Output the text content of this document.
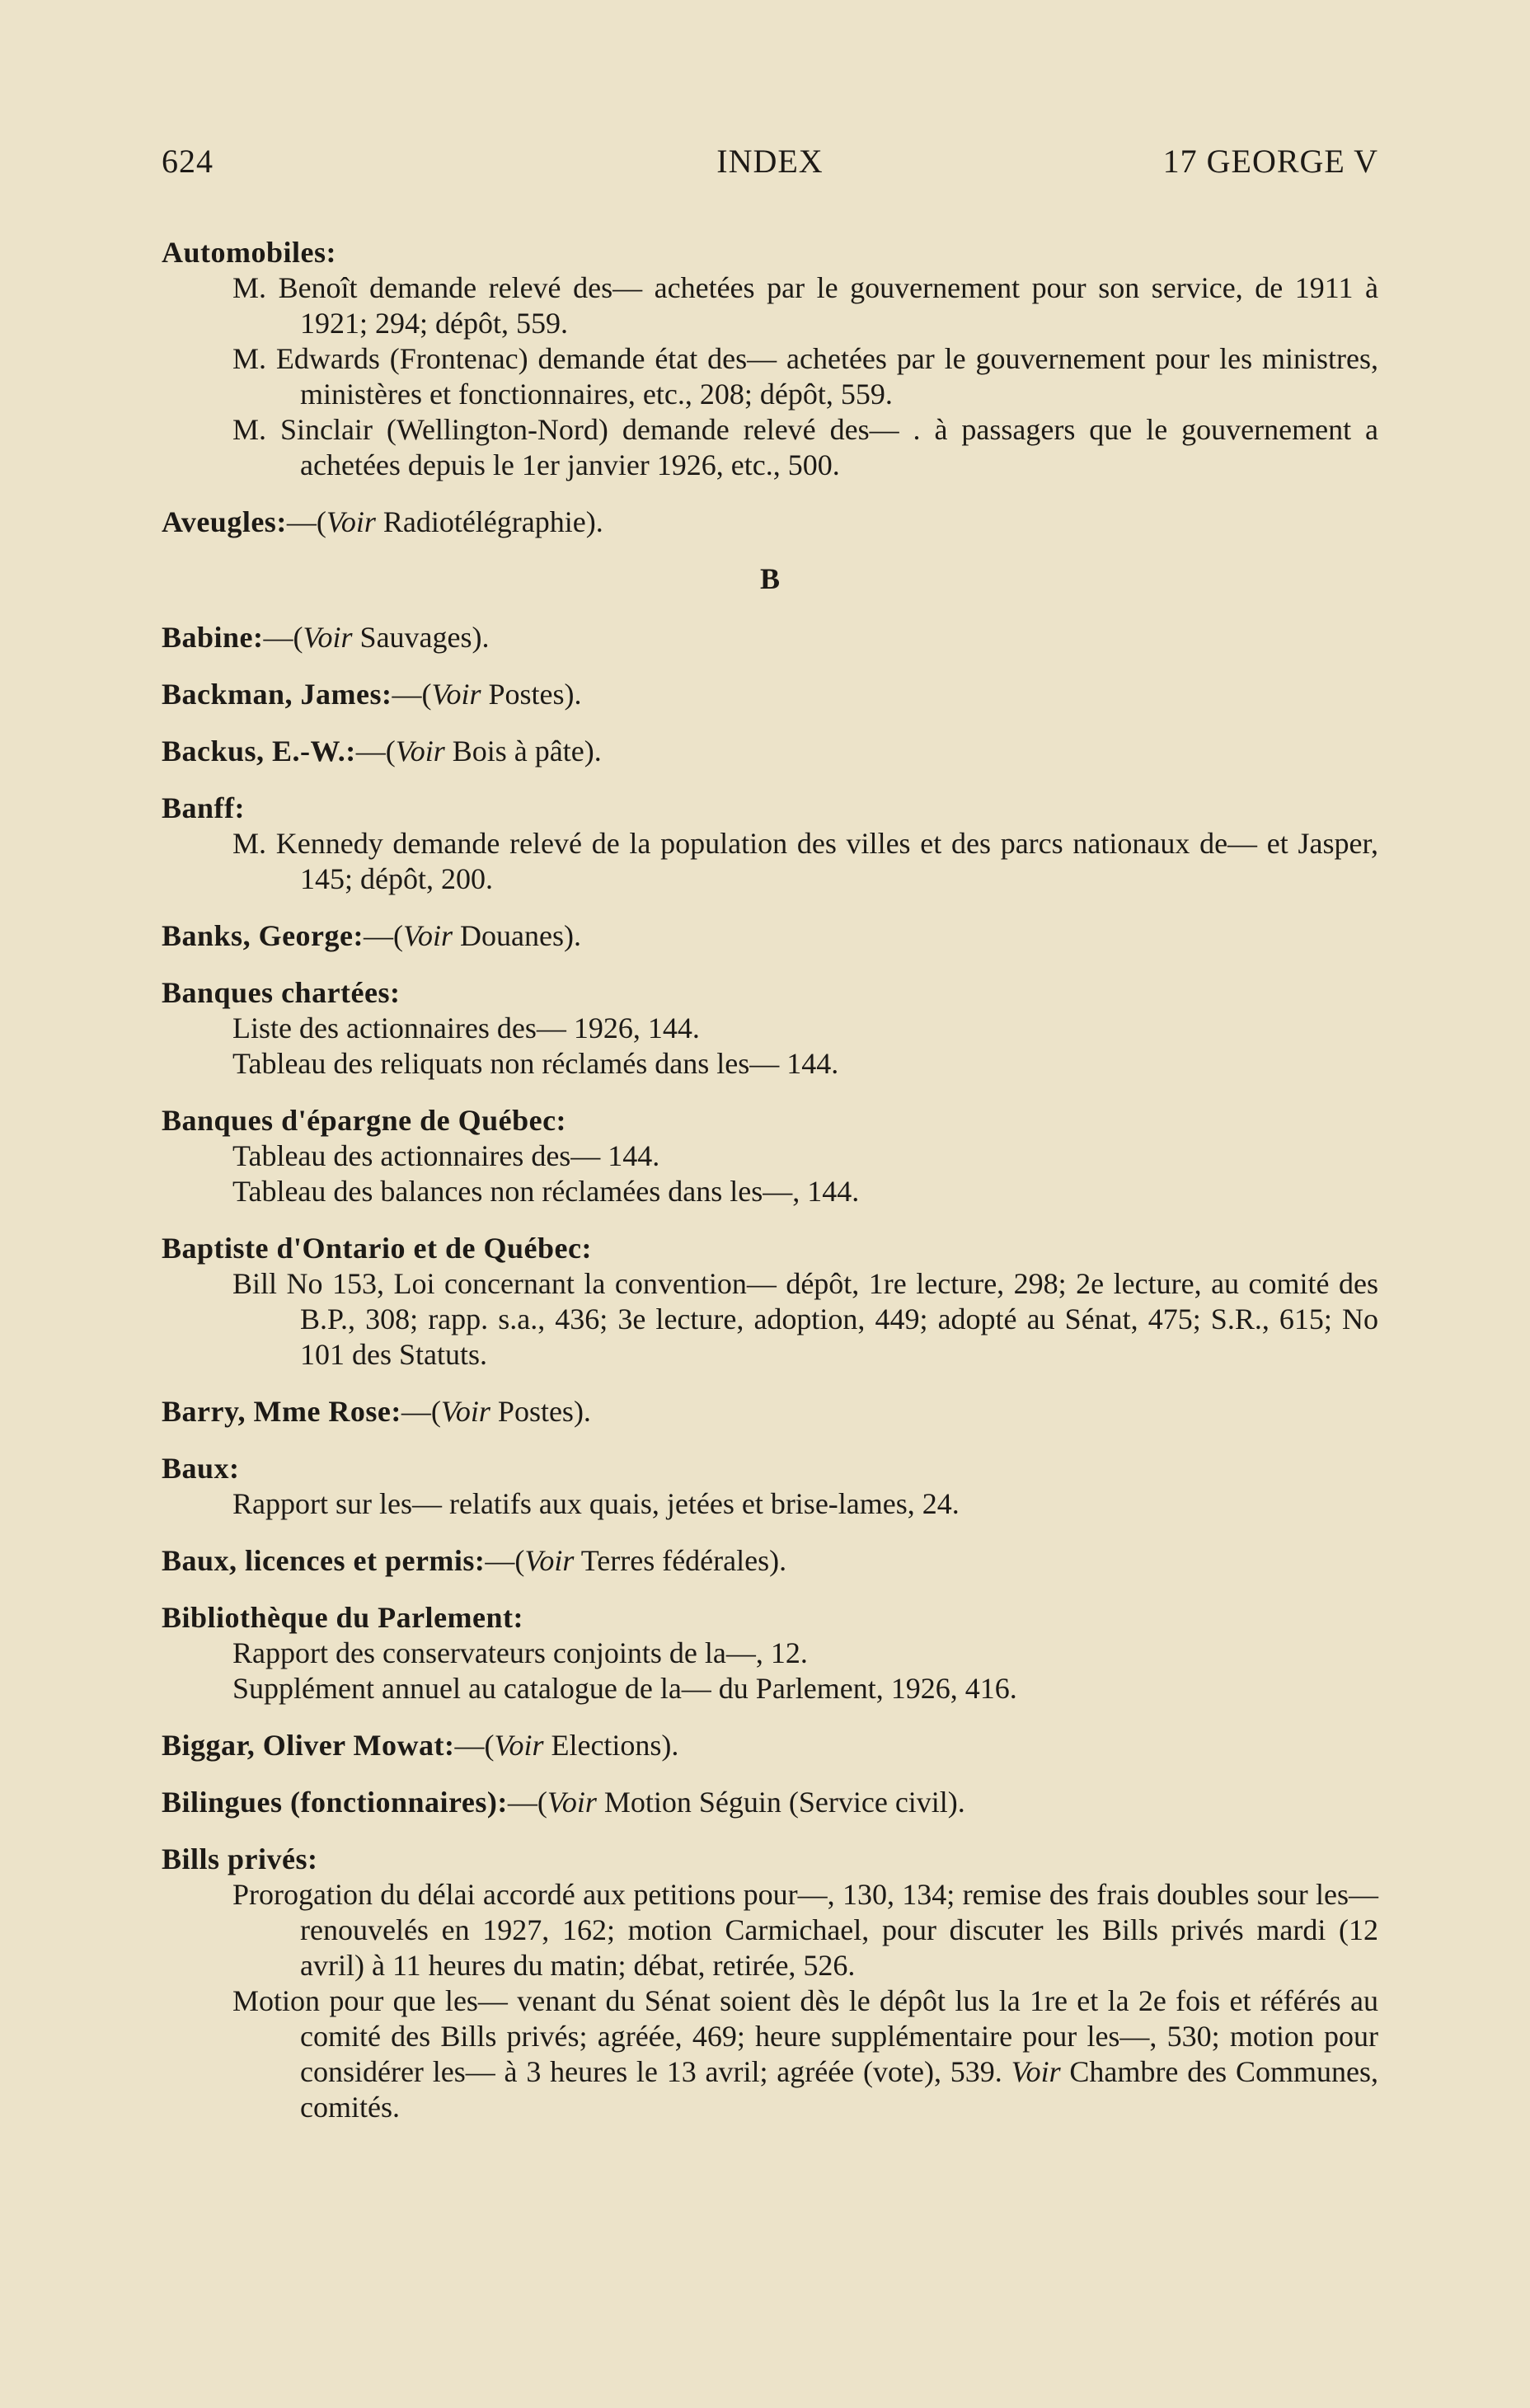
624	INDEX	17 GEORGE V
Automobiles:
M. Benoît demande relevé des— achetées par le gouvernement pour son service, de 1911 à 1921; 294; dépôt, 559.
M. Edwards (Frontenac) demande état des— achetées par le gouvernement pour les ministres, ministères et fonctionnaires, etc., 208; dépôt, 559.
M. Sinclair (Wellington-Nord) demande relevé des— . à passagers que le gouvernement a achetées depuis le 1er janvier 1926, etc., 500.
Aveugles:—(Voir Radiotélégraphie).
B
Babine:—(Voir Sauvages).
Backman, James:—(Voir Postes).
Backus, E.-W.:—(Voir Bois à pâte).
Banff:
M. Kennedy demande relevé de la population des villes et des parcs nationaux de— et Jasper, 145; dépôt, 200.
Banks, George:—(Voir Douanes).
Banques chartées:
Liste des actionnaires des— 1926, 144.
Tableau des reliquats non réclamés dans les— 144.
Banques d'épargne de Québec:
Tableau des actionnaires des— 144.
Tableau des balances non réclamées dans les—, 144.
Baptiste d'Ontario et de Québec:
Bill No 153, Loi concernant la convention— dépôt, 1re lecture, 298; 2e lecture, au comité des B.P., 308; rapp. s.a., 436; 3e lecture, adoption, 449; adopté au Sénat, 475; S.R., 615; No 101 des Statuts.
Barry, Mme Rose:—(Voir Postes).
Baux:
Rapport sur les— relatifs aux quais, jetées et brise-lames, 24.
Baux, licences et permis:—(Voir Terres fédérales).
Bibliothèque du Parlement:
Rapport des conservateurs conjoints de la—, 12.
Supplément annuel au catalogue de la— du Parlement, 1926, 416.
Biggar, Oliver Mowat:—(Voir Elections).
Bilingues (fonctionnaires):—(Voir Motion Séguin (Service civil).
Bills privés:
Prorogation du délai accordé aux petitions pour—, 130, 134; remise des frais doubles sour les— renouvelés en 1927, 162; motion Carmichael, pour discuter les Bills privés mardi (12 avril) à 11 heures du matin; débat, retirée, 526.
Motion pour que les— venant du Sénat soient dès le dépôt lus la 1re et la 2e fois et référés au comité des Bills privés; agréée, 469; heure supplémentaire pour les—, 530; motion pour considérer les— à 3 heures le 13 avril; agréée (vote), 539. Voir Chambre des Communes, comités.
